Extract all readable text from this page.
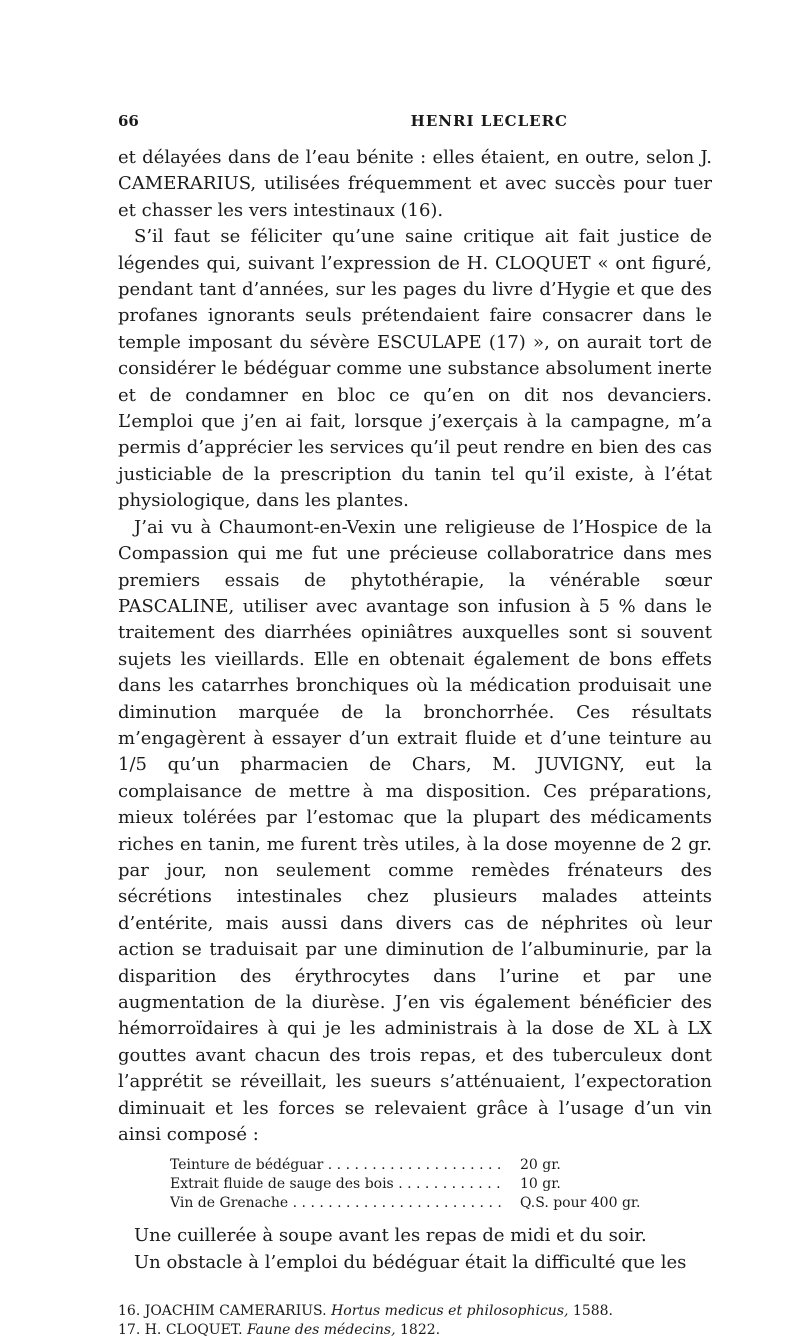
66	HENRI LECLERC

et délayées dans de l’eau bénite : elles étaient, en outre, selon J. CAMERARIUS, utilisées fréquemment et avec succès pour tuer et chasser les vers intestinaux (16).

S’il faut se féliciter qu’une saine critique ait fait justice de légendes qui, suivant l’expression de H. CLOQUET « ont figuré, pendant tant d’années, sur les pages du livre d’Hygie et que des profanes ignorants seuls prétendaient faire consacrer dans le temple imposant du sévère ESCULAPE (17) », on aurait tort de considérer le bédéguar comme une substance absolument inerte et de condamner en bloc ce qu’en on dit nos devanciers. L’emploi que j’en ai fait, lorsque j’exerçais à la campagne, m’a permis d’apprécier les services qu’il peut rendre en bien des cas justiciable de la prescription du tanin tel qu’il existe, à l’état physiologique, dans les plantes.

J’ai vu à Chaumont-en-Vexin une religieuse de l’Hospice de la Compassion qui me fut une précieuse collaboratrice dans mes premiers essais de phytothérapie, la vénérable sœur PASCALINE, utiliser avec avantage son infusion à 5 % dans le traitement des diarrhées opiniâtres auxquelles sont si souvent sujets les vieillards. Elle en obtenait également de bons effets dans les catarrhes bronchiques où la médication produisait une diminution marquée de la bronchorrhée. Ces résultats m’engagèrent à essayer d’un extrait fluide et d’une teinture au 1/5 qu’un pharmacien de Chars, M. JUVIGNY, eut la complaisance de mettre à ma disposition. Ces préparations, mieux tolérées par l’estomac que la plupart des médicaments riches en tanin, me furent très utiles, à la dose moyenne de 2 gr. par jour, non seulement comme remèdes frénateurs des sécrétions intestinales chez plusieurs malades atteints d’entérite, mais aussi dans divers cas de néphrites où leur action se traduisait par une diminution de l’albuminurie, par la disparition des érythrocytes dans l’urine et par une augmentation de la diurèse. J’en vis également bénéficier des hémorroïdaires à qui je les administrais à la dose de XL à LX gouttes avant chacun des trois repas, et des tuberculeux dont l’apprétit se réveillait, les sueurs s’atténuaient, l’expectoration diminuait et les forces se relevaient grâce à l’usage d’un vin ainsi composé :

Teinture de bédéguar . . .	20 gr.
Extrait fluide de sauge des bois . . .	10 gr.
Vin de Grenache . . .	Q.S. pour 400 gr.

Une cuillerée à soupe avant les repas de midi et du soir.

Un obstacle à l’emploi du bédéguar était la difficulté que les

16. JOACHIM CAMERARIUS. Hortus medicus et philosophicus, 1588.

17. H. CLOQUET. Faune des médecins, 1822.
